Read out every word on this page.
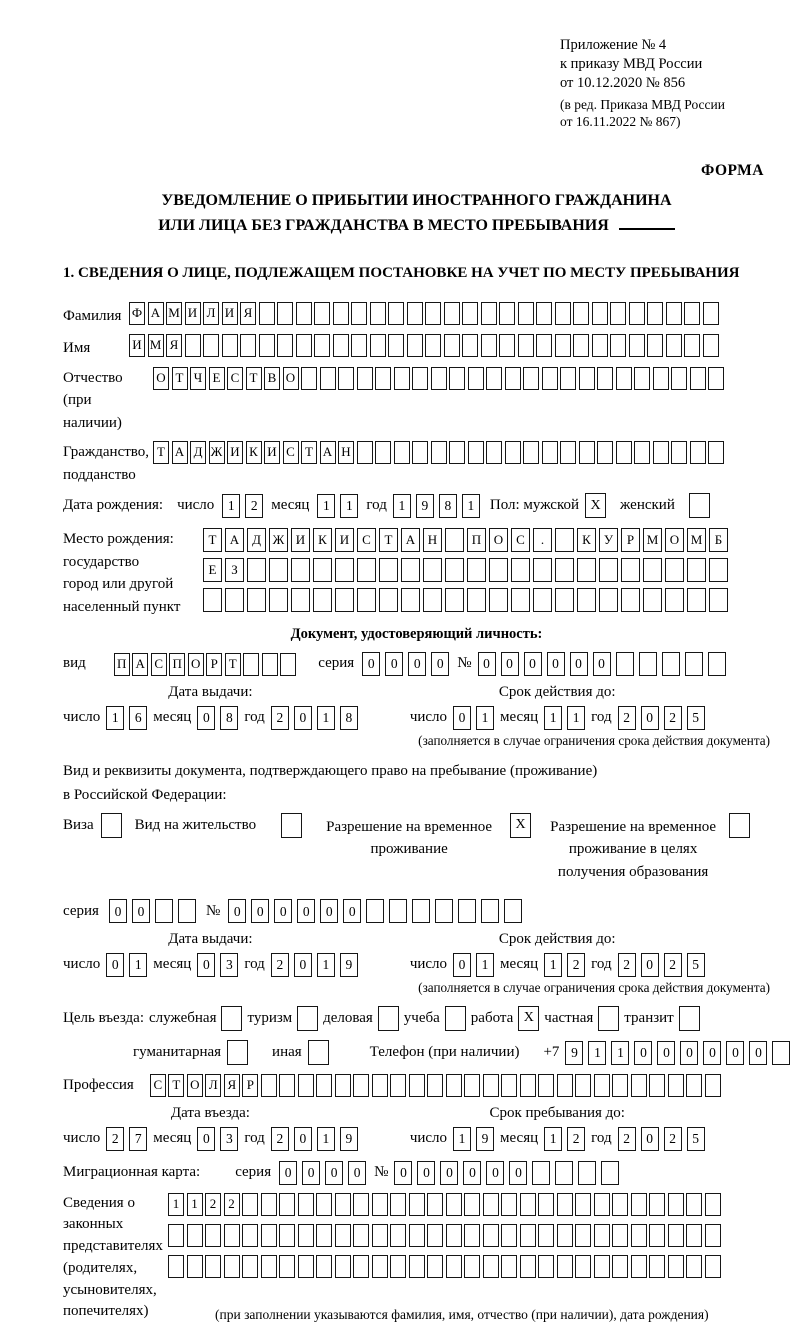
Приложение № 4
к приказу МВД России
от 10.12.2020 № 856
(в ред. Приказа МВД России
от 16.11.2022 № 867)
ФОРМА
УВЕДОМЛЕНИЕ О ПРИБЫТИИ ИНОСТРАННОГО ГРАЖДАНИНА
ИЛИ ЛИЦА БЕЗ ГРАЖДАНСТВА В МЕСТО ПРЕБЫВАНИЯ
1. СВЕДЕНИЯ О ЛИЦЕ, ПОДЛЕЖАЩЕМ ПОСТАНОВКЕ НА УЧЕТ ПО МЕСТУ ПРЕБЫВАНИЯ
Фамилия Ф А М И Л И Я
Имя	И М Я
Отчество
(при наличии)
О Т Ч Е С Т В О
Гражданство,
подданство
Т А Д Ж И К И С Т А Н
Дата рождения: число	1	2 месяц	1	1 год 1	9	8	1	Пол: мужской X	женский
Место рождения:
государство
город или другой
населенный пункт
Т	А Д Ж И К И С	Т	А Н	П О С	.	К	У	Р М О М Б
Е	З
Документ, удостоверяющий личность:
вид П А С П О Р Т	серия	0	0	0	0 № 0	0	0	0	0	0
Дата выдачи:
число 1	6 месяц 0	8 год 2	0	1	8
Срок действия до:
число 0	1 месяц 1	1 год 2	0	2	5
(заполняется в случае ограничения срока действия документа)
Вид и реквизиты документа, подтверждающего право на пребывание (проживание)
в Российской Федерации:
Виза	Вид на жительство	Разрешение на временное проживание
X	Разрешение на временное проживание в целях получения образования
серия	0	0	№	0	0	0	0	0	0
Дата выдачи:
число 0	1 месяц 0	3 год 2	0	1	9
Срок действия до:
число 0	1 месяц 1	2 год 2	0	2	5
(заполняется в случае ограничения срока действия документа)
Цель въезда: служебная туризм деловая учеба работа X частная транзит
гуманитарная	иная	Телефон (при наличии) +7 9	1	1	0	0	0	0	0	0
Профессия С Т О Л Я Р
Дата въезда:
число 2	7 месяц 0	3 год 2	0	1	9
Срок пребывания до:
число 1	9 месяц 1	2 год 2	0	2	5
Миграционная карта: серия	0	0	0	0 № 0	0	0	0	0	0
Сведения о
законных
представителях
(родителях,
усыновителях,
попечителях)
1 1 2 2
(при заполнении указываются фамилия, имя, отчество (при наличии), дата рождения)
